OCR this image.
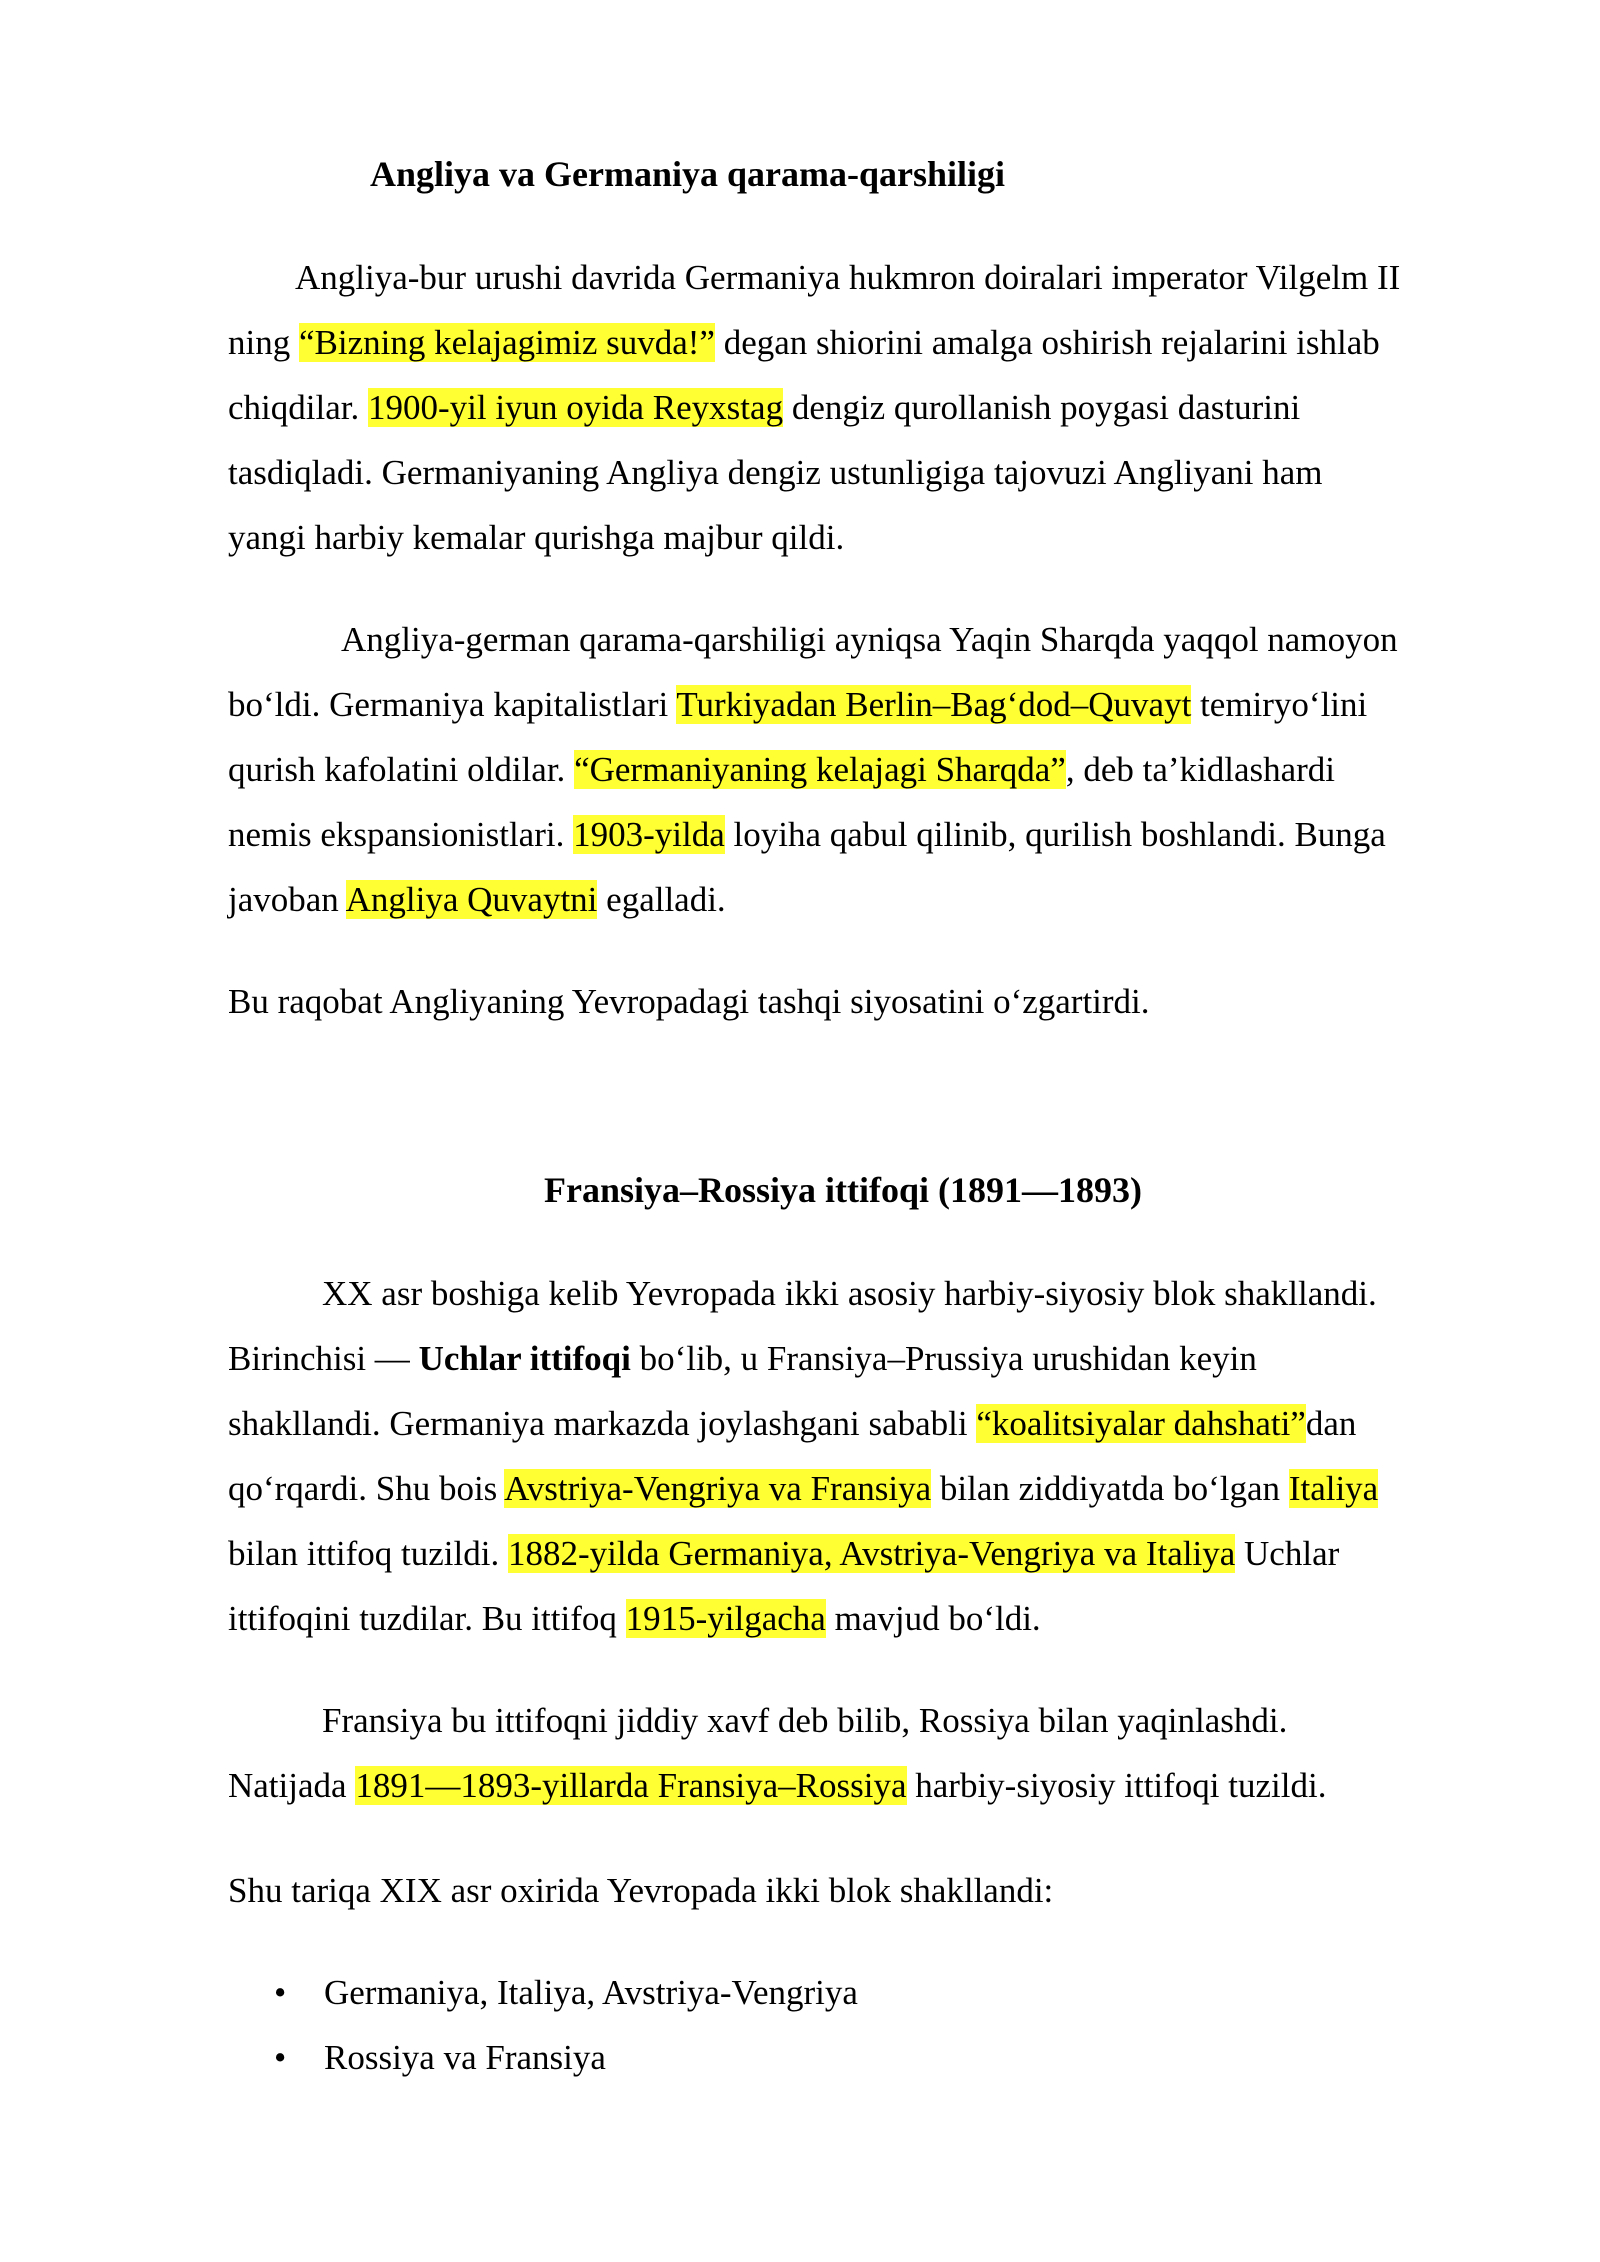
Angliya va Germaniya qarama-qarshiligi
Angliya-bur urushi davrida Germaniya hukmron doiralari imperator Vilgelm II
ning “Bizning kelajagimiz suvda!” degan shiorini amalga oshirish rejalarini ishlab
chiqdilar. 1900-yil iyun oyida Reyxstag dengiz qurollanish poygasi dasturini
tasdiqladi. Germaniyaning Angliya dengiz ustunligiga tajovuzi Angliyani ham
yangi harbiy kemalar qurishga majbur qildi.
Angliya-german qarama-qarshiligi ayniqsa Yaqin Sharqda yaqqol namoyon
bo‘ldi. Germaniya kapitalistlari Turkiyadan Berlin–Bag‘dod–Quvayt temiryo‘lini
qurish kafolatini oldilar. “Germaniyaning kelajagi Sharqda”, deb ta’kidlashardi
nemis ekspansionistlari. 1903-yilda loyiha qabul qilinib, qurilish boshlandi. Bunga
javoban Angliya Quvaytni egalladi.
Bu raqobat Angliyaning Yevropadagi tashqi siyosatini o‘zgartirdi.
Fransiya–Rossiya ittifoqi (1891—1893)
XX asr boshiga kelib Yevropada ikki asosiy harbiy-siyosiy blok shakllandi.
Birinchisi — Uchlar ittifoqi bo‘lib, u Fransiya–Prussiya urushidan keyin
shakllandi. Germaniya markazda joylashgani sababli “koalitsiyalar dahshati”dan
qo‘rqardi. Shu bois Avstriya-Vengriya va Fransiya bilan ziddiyatda bo‘lgan Italiya
bilan ittifoq tuzildi. 1882-yilda Germaniya, Avstriya-Vengriya va Italiya Uchlar
ittifoqini tuzdilar. Bu ittifoq 1915-yilgacha mavjud bo‘ldi.
Fransiya bu ittifoqni jiddiy xavf deb bilib, Rossiya bilan yaqinlashdi.
Natijada 1891—1893-yillarda Fransiya–Rossiya harbiy-siyosiy ittifoqi tuzildi.
Shu tariqa XIX asr oxirida Yevropada ikki blok shakllandi:
• Germaniya, Italiya, Avstriya-Vengriya
• Rossiya va Fransiya
